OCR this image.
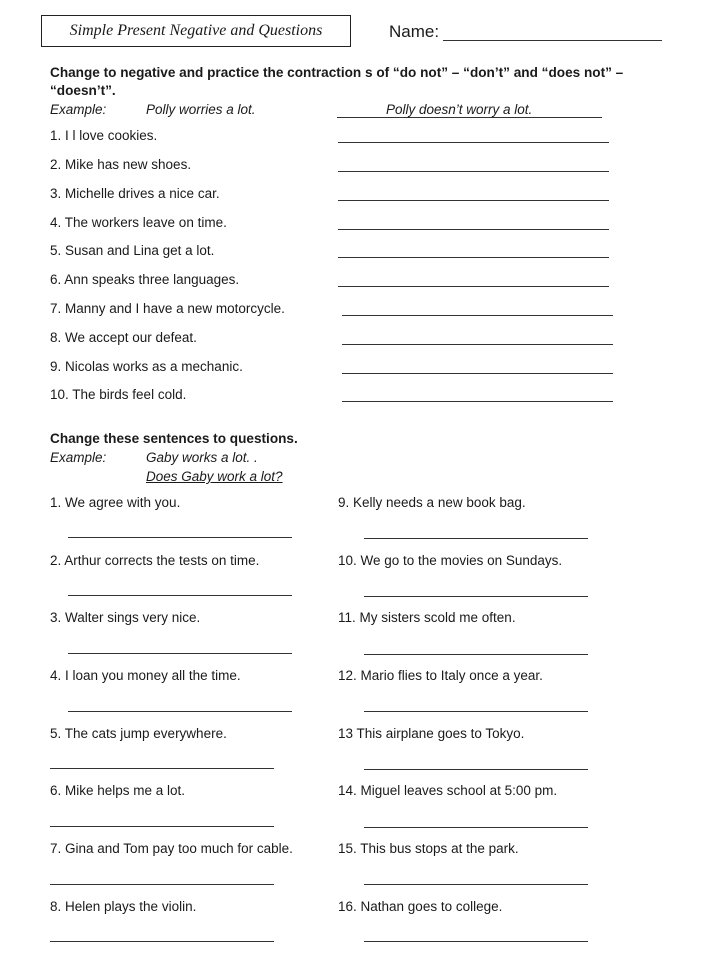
Simple Present Negative and Questions	Name:
Change to negative and practice the contraction s of “do not” – “don’t” and “does not” –
“doesn’t”.
Example:	Polly worries a lot.	Polly doesn’t worry a lot.
1. I l love cookies.
2. Mike has new shoes.
3. Michelle drives a nice car.
4. The workers leave on time.
5. Susan and Lina get a lot.
6. Ann speaks three languages.
7. Manny and I have a new motorcycle.
8. We accept our defeat.
9. Nicolas works as a mechanic.
10. The birds feel cold.
Change these sentences to questions.
Example:	Gaby works a lot. .
Does Gaby work a lot?
1. We agree with you.
2. Arthur corrects the tests on time.
3. Walter sings very nice.
4. I loan you money all the time.
5. The cats jump everywhere.
6. Mike helps me a lot.
7. Gina and Tom pay too much for cable.
8. Helen plays the violin.
9. Kelly needs a new book bag.
10. We go to the movies on Sundays.
11. My sisters scold me often.
12. Mario flies to Italy once a year.
13 This airplane goes to Tokyo.
14. Miguel leaves school at 5:00 pm.
15. This bus stops at the park.
16. Nathan goes to college.
